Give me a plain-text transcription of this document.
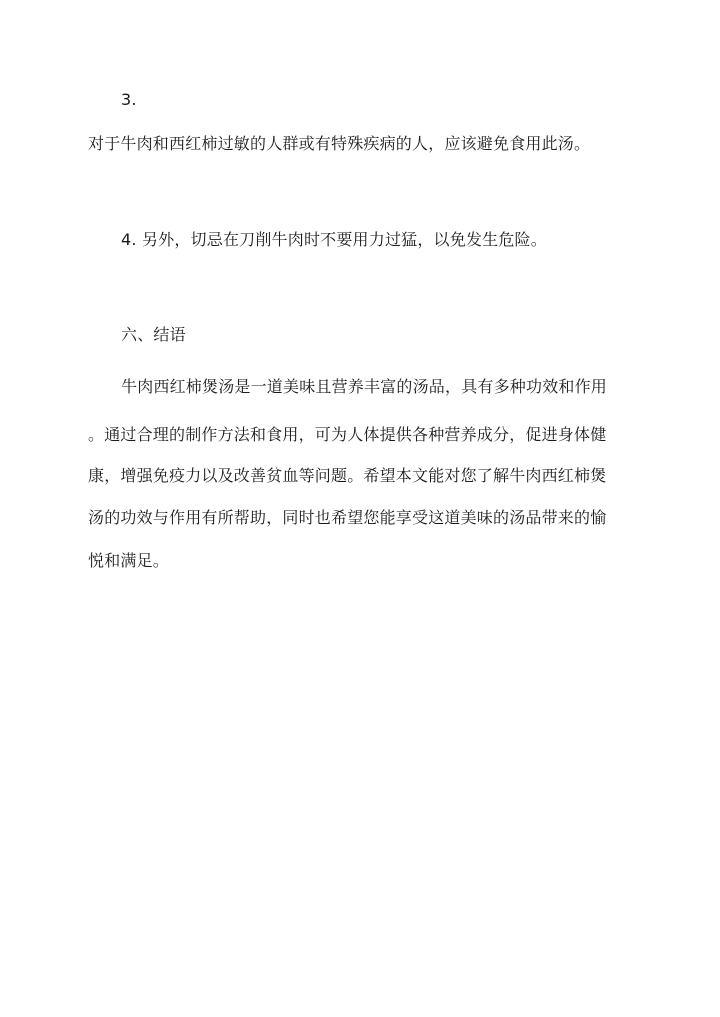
3.
对于牛肉和西红柿过敏的人群或有特殊疾病的人，应该避免食用此汤。
4. 另外，切忌在刀削牛肉时不要用力过猛，以免发生危险。
六、结语
牛肉西红柿煲汤是一道美味且营养丰富的汤品，具有多种功效和作用
。通过合理的制作方法和食用，可为人体提供各种营养成分，促进身体健
康，增强免疫力以及改善贫血等问题。希望本文能对您了解牛肉西红柿煲
汤的功效与作用有所帮助，同时也希望您能享受这道美味的汤品带来的愉
悦和满足。
